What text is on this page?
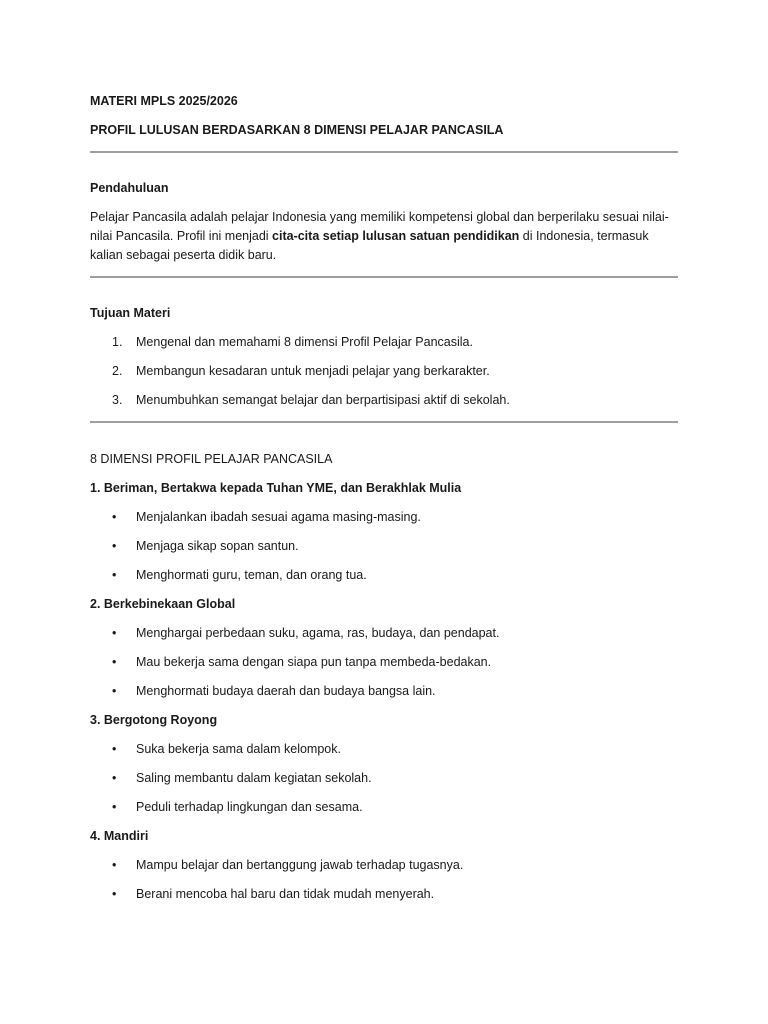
MATERI MPLS 2025/2026
PROFIL LULUSAN BERDASARKAN 8 DIMENSI PELAJAR PANCASILA
Pendahuluan
Pelajar Pancasila adalah pelajar Indonesia yang memiliki kompetensi global dan berperilaku sesuai nilai-nilai Pancasila. Profil ini menjadi cita-cita setiap lulusan satuan pendidikan di Indonesia, termasuk kalian sebagai peserta didik baru.
Tujuan Materi
1. Mengenal dan memahami 8 dimensi Profil Pelajar Pancasila.
2. Membangun kesadaran untuk menjadi pelajar yang berkarakter.
3. Menumbuhkan semangat belajar dan berpartisipasi aktif di sekolah.
8 DIMENSI PROFIL PELAJAR PANCASILA
1. Beriman, Bertakwa kepada Tuhan YME, dan Berakhlak Mulia
• Menjalankan ibadah sesuai agama masing-masing.
• Menjaga sikap sopan santun.
• Menghormati guru, teman, dan orang tua.
2. Berkebinekaan Global
• Menghargai perbedaan suku, agama, ras, budaya, dan pendapat.
• Mau bekerja sama dengan siapa pun tanpa membeda-bedakan.
• Menghormati budaya daerah dan budaya bangsa lain.
3. Bergotong Royong
• Suka bekerja sama dalam kelompok.
• Saling membantu dalam kegiatan sekolah.
• Peduli terhadap lingkungan dan sesama.
4. Mandiri
• Mampu belajar dan bertanggung jawab terhadap tugasnya.
• Berani mencoba hal baru dan tidak mudah menyerah.
